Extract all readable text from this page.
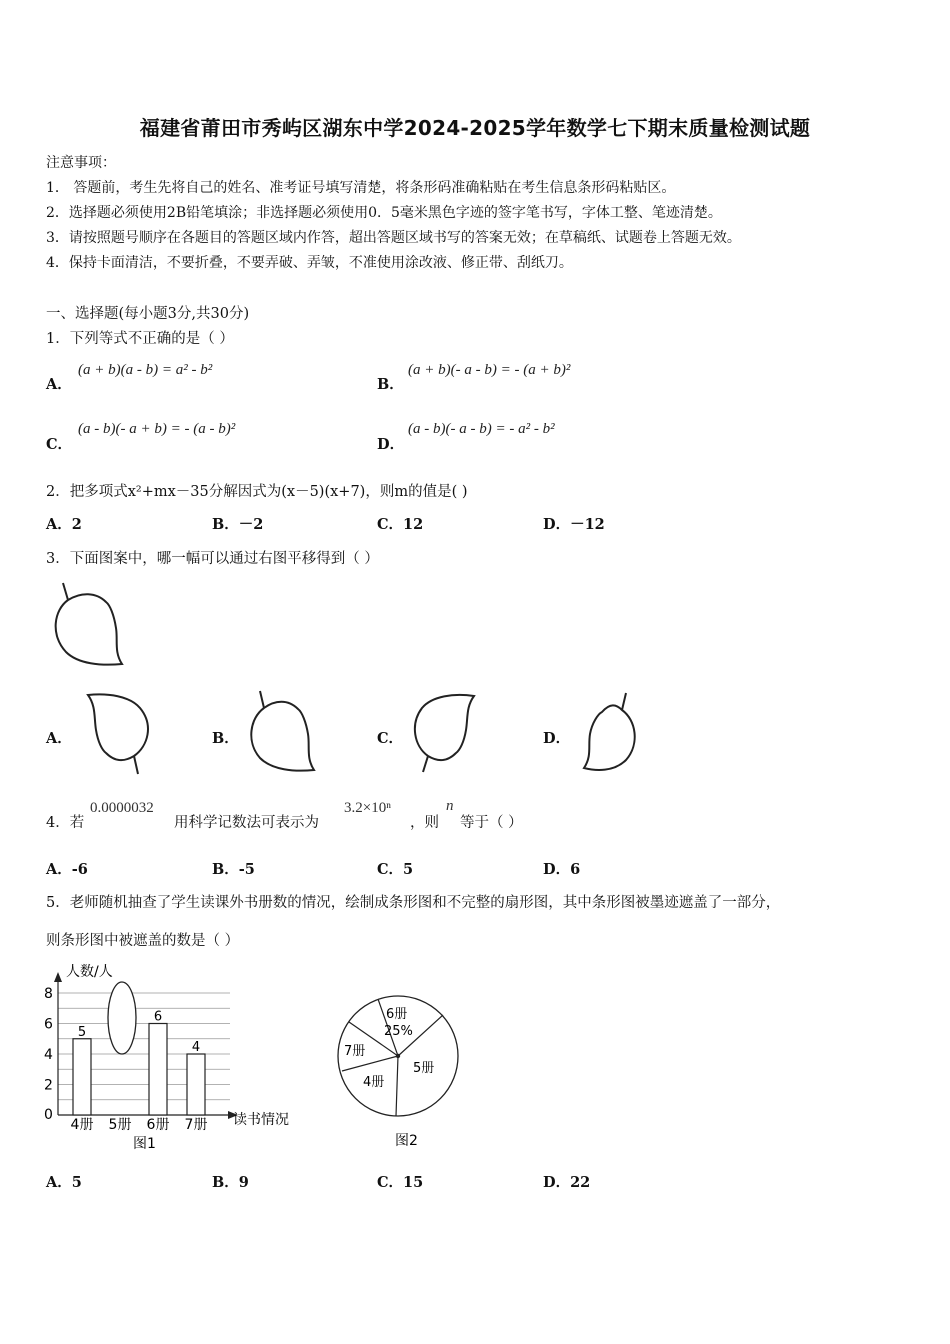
福建省莆田市秀屿区湖东中学2024-2025学年数学七下期末质量检测试题
注意事项：
1． 答题前，考生先将自己的姓名、准考证号填写清楚，将条形码准确粘贴在考生信息条形码粘贴区。
2．选择题必须使用2B铅笔填涂；非选择题必须使用0．5毫米黑色字迹的签字笔书写，字体工整、笔迹清楚。
3．请按照题号顺序在各题目的答题区域内作答，超出答题区域书写的答案无效；在草稿纸、试题卷上答题无效。
4．保持卡面清洁，不要折叠，不要弄破、弄皱，不准使用涂改液、修正带、刮纸刀。
一、选择题(每小题3分,共30分)
1．下列等式不正确的是（ ）
A．
(a + b)(a - b) = a² - b²
B．
(a + b)(- a - b) = - (a + b)²
C．
(a - b)(- a + b) = - (a - b)²
D．
(a - b)(- a - b) = - a² - b²
2．把多项式x²+mx－35分解因式为(x－5)(x+7)，则m的值是( )
A．2	B．－2	C．12	D．－12
3．下面图案中，哪一幅可以通过右图平移得到（ ）
A．	B．	C．	D．
4．若
0.0000032
用科学记数法可表示为
3.2×10ⁿ
，则
n
等于（ ）
A．-6	B．-5	C．5	D．6
5．老师随机抽查了学生读课外书册数的情况，绘制成条形图和不完整的扇形图，其中条形图被墨迹遮盖了一部分，
则条形图中被遮盖的数是（ ）
人数/人
读书情况
0
2
4
6
8
5
4册 5册
6
6册
4
7册
图1
6册
25%
5册
4册
7册
图2
A．5	B．9	C．15	D．22
